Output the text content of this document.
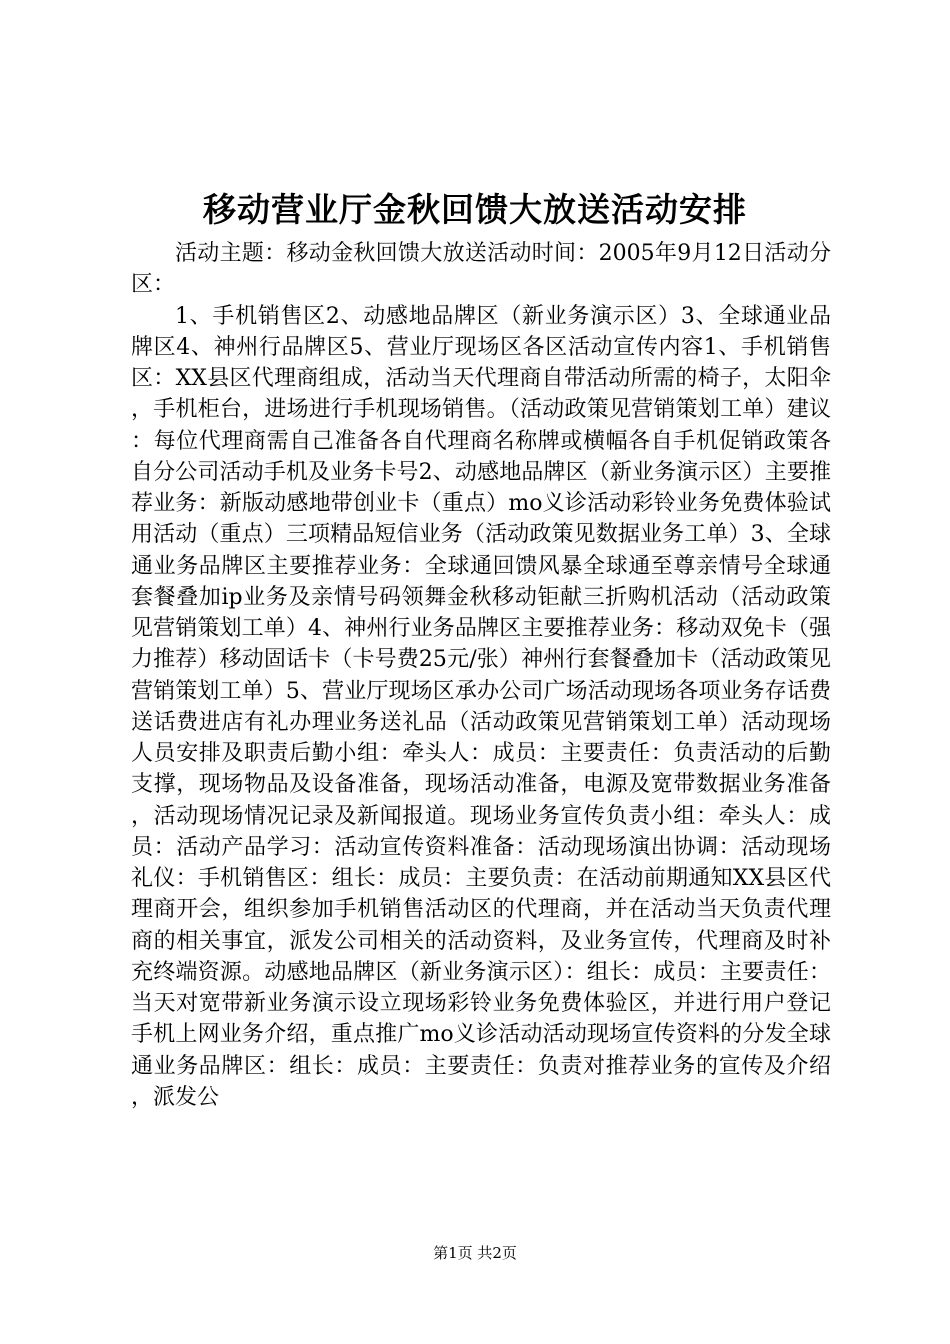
移动营业厅金秋回馈大放送活动安排

活动主题：移动金秋回馈大放送活动时间：2005年9月12日活动分区：

1、手机销售区2、动感地品牌区（新业务演示区）3、全球通业品牌区4、神州行品牌区5、营业厅现场区各区活动宣传内容1、手机销售区：XX县区代理商组成，活动当天代理商自带活动所需的椅子，太阳伞，手机柜台，进场进行手机现场销售。（活动政策见营销策划工单）建议：每位代理商需自己准备各自代理商名称牌或横幅各自手机促销政策各自分公司活动手机及业务卡号2、动感地品牌区（新业务演示区）主要推荐业务：新版动感地带创业卡（重点）mo义诊活动彩铃业务免费体验试用活动（重点）三项精品短信业务（活动政策见数据业务工单）3、全球通业务品牌区主要推荐业务：全球通回馈风暴全球通至尊亲情号全球通套餐叠加ip业务及亲情号码领舞金秋移动钜献三折购机活动（活动政策见营销策划工单）4、神州行业务品牌区主要推荐业务：移动双免卡（强力推荐）移动固话卡（卡号费25元/张）神州行套餐叠加卡（活动政策见营销策划工单）5、营业厅现场区承办公司广场活动现场各项业务存话费送话费进店有礼办理业务送礼品（活动政策见营销策划工单）活动现场人员安排及职责后勤小组：牵头人：成员：主要责任：负责活动的后勤支撑，现场物品及设备准备，现场活动准备，电源及宽带数据业务准备，活动现场情况记录及新闻报道。现场业务宣传负责小组：牵头人：成员：活动产品学习：活动宣传资料准备：活动现场演出协调：活动现场礼仪：手机销售区：组长：成员：主要负责：在活动前期通知XX县区代理商开会，组织参加手机销售活动区的代理商，并在活动当天负责代理商的相关事宜，派发公司相关的活动资料，及业务宣传，代理商及时补充终端资源。动感地品牌区（新业务演示区）：组长：成员：主要责任：当天对宽带新业务演示设立现场彩铃业务免费体验区，并进行用户登记手机上网业务介绍，重点推广mo义诊活动活动现场宣传资料的分发全球通业务品牌区：组长：成员：主要责任：负责对推荐业务的宣传及介绍，派发公

第1页 共2页
